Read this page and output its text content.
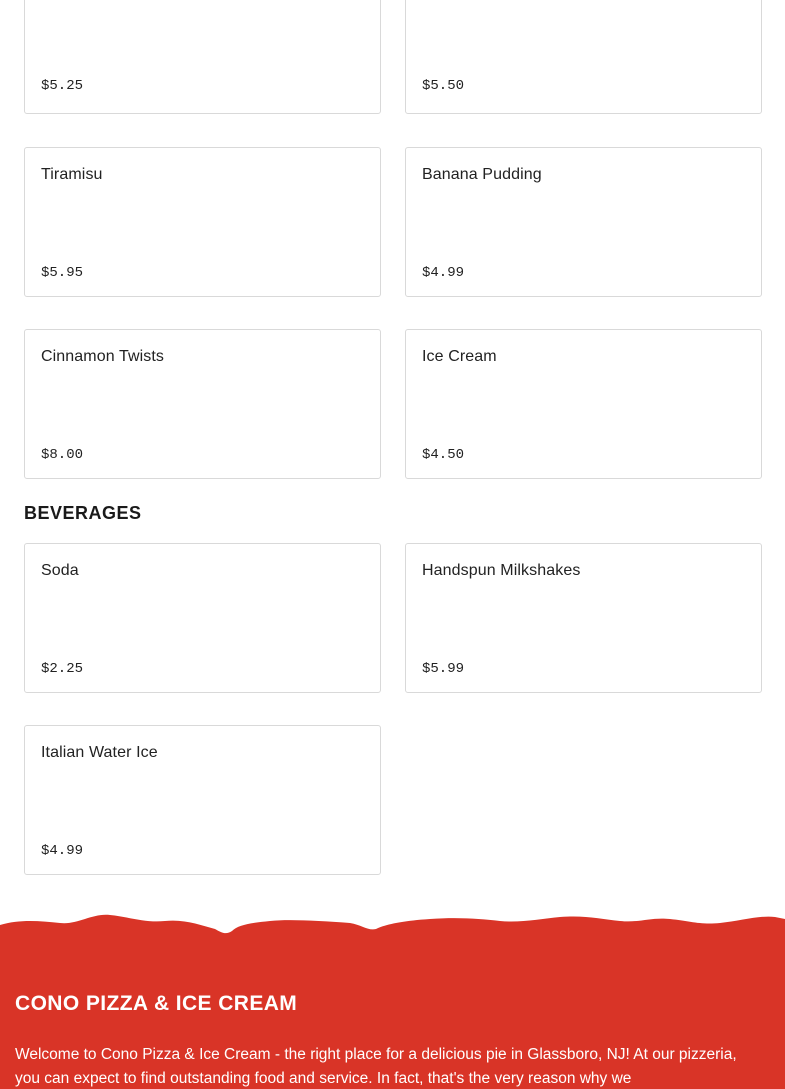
$5.25	$5.50
Tiramisu
$5.95
Banana Pudding
$4.99
Cinnamon Twists
$8.00
Ice Cream
$4.50
BEVERAGES
Soda
$2.25
Handspun Milkshakes
$5.99
Italian Water Ice
$4.99
CONO PIZZA & ICE CREAM

Welcome to Cono Pizza & Ice Cream - the right place for a delicious pie in Glassboro, NJ! At our pizzeria, you can expect to find outstanding food and service. In fact, that's the very reason why we
